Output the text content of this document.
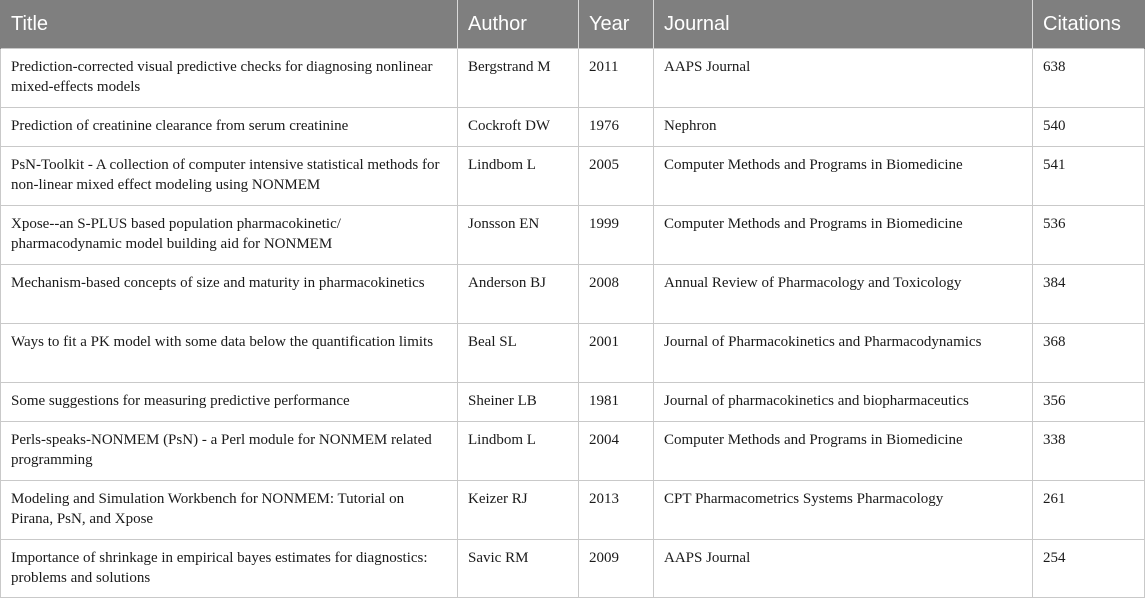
Title	Author	Year	Journal	Citations
Prediction-corrected visual predictive checks for diagnosing nonlinear mixed-effects models	Bergstrand M	2011	AAPS Journal	638
Prediction of creatinine clearance from serum creatinine	Cockroft DW	1976	Nephron	540
PsN-Toolkit - A collection of computer intensive statistical methods for non-linear mixed effect modeling using NONMEM	Lindbom L	2005	Computer Methods and Programs in Biomedicine	541
Xpose--an S-PLUS based population pharmacokinetic/ pharmacodynamic model building aid for NONMEM	Jonsson EN	1999	Computer Methods and Programs in Biomedicine	536
Mechanism-based concepts of size and maturity in pharmacokinetics	Anderson BJ	2008	Annual Review of Pharmacology and Toxicology	384
Ways to fit a PK model with some data below the quantification limits	Beal SL	2001	Journal of Pharmacokinetics and Pharmacodynamics	368
Some suggestions for measuring predictive performance	Sheiner LB	1981	Journal of pharmacokinetics and biopharmaceutics	356
Perls-speaks-NONMEM (PsN) - a Perl module for NONMEM related programming	Lindbom L	2004	Computer Methods and Programs in Biomedicine	338
Modeling and Simulation Workbench for NONMEM: Tutorial on Pirana, PsN, and Xpose	Keizer RJ	2013	CPT Pharmacometrics Systems Pharmacology	261
Importance of shrinkage in empirical bayes estimates for diagnostics: problems and solutions	Savic RM	2009	AAPS Journal	254
